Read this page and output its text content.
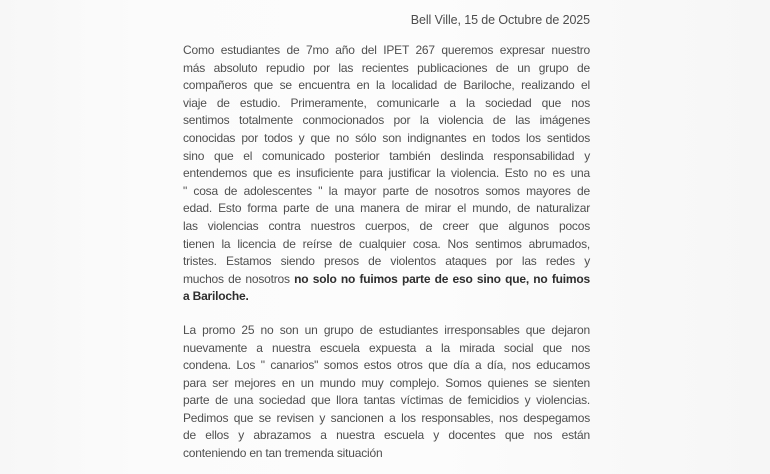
Bell Ville, 15 de Octubre de 2025
Como estudiantes de 7mo año del IPET 267 queremos expresar nuestro
más absoluto repudio por las recientes publicaciones de un grupo de
compañeros que se encuentra en la localidad de Bariloche, realizando el
viaje de estudio. Primeramente, comunicarle a la sociedad que nos
sentimos totalmente conmocionados por la violencia de las imágenes
conocidas por todos y que no sólo son indignantes en todos los sentidos
sino que el comunicado posterior también deslinda responsabilidad y
entendemos que es insuficiente para justificar la violencia. Esto no es una
" cosa de adolescentes " la mayor parte de nosotros somos mayores de
edad. Esto forma parte de una manera de mirar el mundo, de naturalizar
las violencias contra nuestros cuerpos, de creer que algunos pocos
tienen la licencia de reírse de cualquier cosa. Nos sentimos abrumados,
tristes. Estamos siendo presos de violentos ataques por las redes y
muchos de nosotros no solo no fuimos parte de eso sino que, no fuimos
a Bariloche.
La promo 25 no son un grupo de estudiantes irresponsables que dejaron
nuevamente a nuestra escuela expuesta a la mirada social que nos
condena. Los " canarios" somos estos otros que día a día, nos educamos
para ser mejores en un mundo muy complejo. Somos quienes se sienten
parte de una sociedad que llora tantas víctimas de femicidios y violencias.
Pedimos que se revisen y sancionen a los responsables, nos despegamos
de ellos y abrazamos a nuestra escuela y docentes que nos están
conteniendo en tan tremenda situación
